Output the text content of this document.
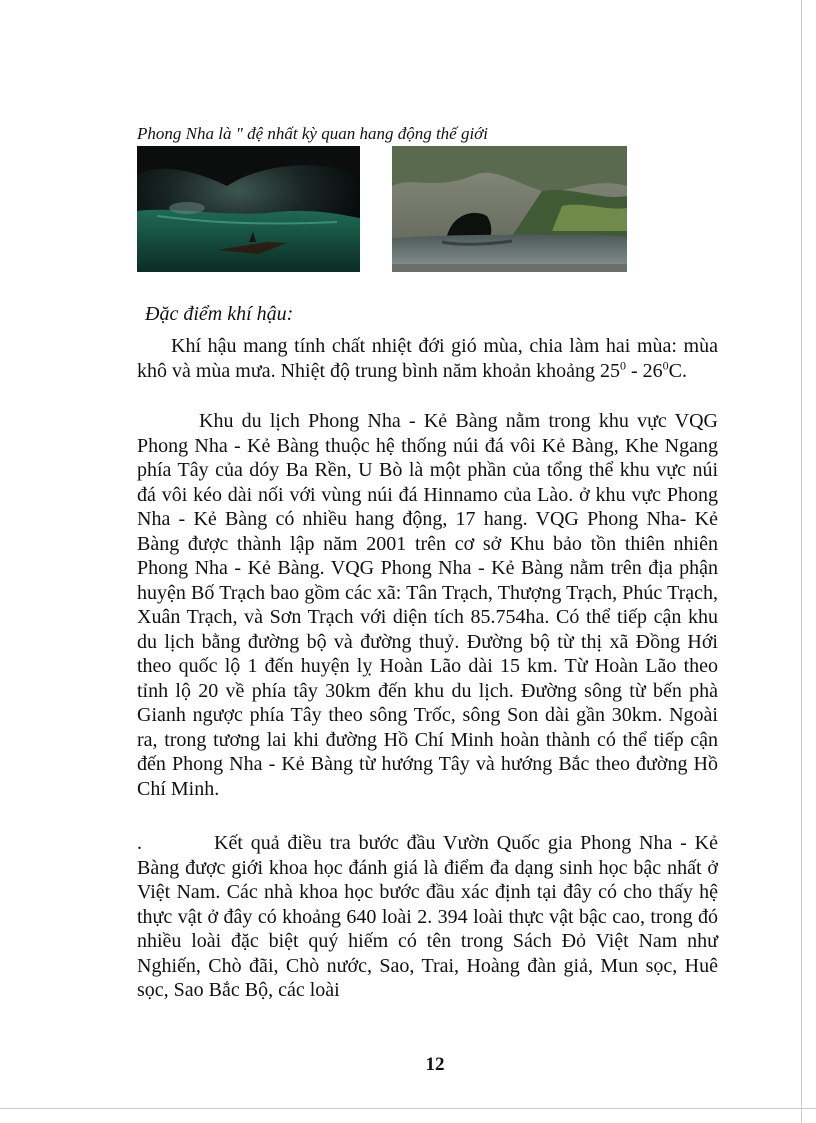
Phong Nha là " đệ nhất kỳ quan hang động thế giới
Đặc điểm khí hậu:

Khí hậu mang tính chất nhiệt đới gió mùa, chia làm hai mùa: mùa khô và mùa mưa. Nhiệt độ trung bình năm khoản khoảng $25^0 - 26^0C$.

Khu du lịch Phong Nha - Kẻ Bàng nằm trong khu vực VQG Phong Nha - Kẻ Bàng thuộc hệ thống núi đá vôi Kẻ Bàng, Khe Ngang phía Tây của dóy Ba Rền, U Bò là một phần của tổng thể khu vực núi đá vôi kéo dài nối với vùng núi đá Hinnamo của Lào. ở khu vực Phong Nha - Kẻ Bàng có nhiều hang động, 17 hang. VQG Phong Nha- Kẻ Bàng được thành lập năm 2001 trên cơ sở Khu bảo tồn thiên nhiên Phong Nha - Kẻ Bàng. VQG Phong Nha - Kẻ Bàng nằm trên địa phận huyện Bố Trạch bao gồm các xã: Tân Trạch, Thượng Trạch, Phúc Trạch, Xuân Trạch, và Sơn Trạch với diện tích 85.754ha. Có thể tiếp cận khu du lịch bằng đường bộ và đường thuỷ. Đường bộ từ thị xã Đồng Hới theo quốc lộ 1 đến huyện lỵ Hoàn Lão dài 15 km. Từ Hoàn Lão theo tỉnh lộ 20 về phía tây 30km đến khu du lịch. Đường sông từ bến phà Gianh ngược phía Tây theo sông Trốc, sông Son dài gần 30km. Ngoài ra, trong tương lai khi đường Hồ Chí Minh hoàn thành có thể tiếp cận đến Phong Nha - Kẻ Bàng từ hướng Tây và hướng Bắc theo đường Hồ Chí Minh.

.	Kết quả điều tra bước đầu Vườn Quốc gia Phong Nha - Kẻ Bàng được giới khoa học đánh giá là điểm đa dạng sinh học bậc nhất ở Việt Nam. Các nhà khoa học bước đầu xác định tại đây có cho thấy hệ thực vật ở đây có khoảng 640 loài 2. 394 loài thực vật bậc cao, trong đó nhiều loài đặc biệt quý hiếm có tên trong Sách Đỏ Việt Nam như Nghiến, Chò đãi, Chò nước, Sao, Trai, Hoàng đàn giả, Mun sọc, Huê sọc, Sao Bắc Bộ, các loài

12
